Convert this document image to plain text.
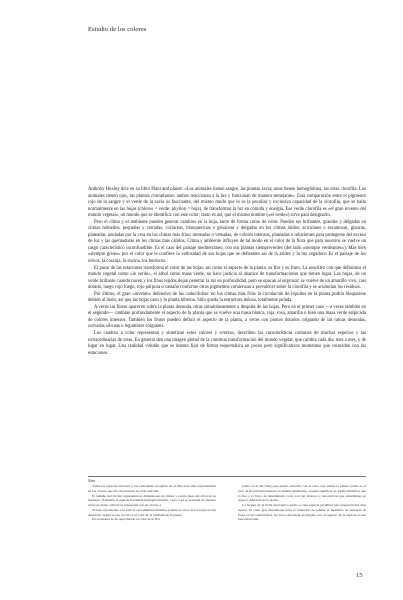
Estudio de los colores

Anthony Huxley dice en su libro Plant and planet: «Los animales tienen sangre, las plantas savia; unos tienen hemoglobina, las otras clorofila. Los animales tienen ojos, las plantas cloroplastos: ambos reaccionan a la luz y funcionan de manera semejante». Esta comparación entre el pigmento rojo de la sangre y el verde de la savia es fascinante, del mismo modo que lo es la peculiar y exclusiva capacidad de la clorofila, que se halla normalmente en las hojas (chloros = verde; phyllon = hoja), de transformar la luz en comida y energía. Ese verde clorofila es «el gran invento del mundo vegetal», un mundo que se identifica con este color; tanto es así, que el mismo nombre (»el verde«) sirve para designarlo.

Pero el clima y el ambiente pueden generar cambios en la hoja, tanto de forma como de color. Pueden ser brillantes, grandes y delgadas en climas húmedos; pequeñas y cerradas, coriáceas, blanquecinas o grisáceas y delgadas en los climas áridos; aciculares o escamosas, glaucas, plateadas, azuladas por la cera en los climas más fríos; moteadas o veteadas, de colores intensos, plateadas o relucientes para protegerse del exceso de luz y las quemaduras en los climas más cálidos. Clima y ambiente influyen de tal modo en el color de la flora que para nosotros se vuelve un rasgo característico inconfundible. Es el caso del paisaje mediterráneo, con sus plantas siempreverdes (del latín «siempre verdeantes»). Más bien «siempre grises» por el color que le confiere la vellosidad de sus hojas que se defienden así de la aridez y la luz cegadora. Es el paisaje de los olivos, la coscoja, la encina, los lentiscos.

El pasar de las estaciones transforma el color de las hojas, así como el aspecto de la planta, su flor y su fruto. La sencillez con que definimos el mundo vegetal como «lo verde», el árbol como masa verde, no hace justicia al abanico de transformaciones que tienen lugar. Las hojas, de un verde brillante cuando nacen y los finos tejidos dejan penetrar la luz en profundidad, pero se opacan al engrosar; se vuelve de un amarillo vivo, casi dorado, luego rojo fuego, rojo púrpura o castaño conforme otros pigmentos comienzan a prevalecer sobre la clorofila y se acumulan los residuos.

Por último, el gran «invento» defensivo de las caducifolias: en los climas más fríos la circulación de líquidos en la planta podría bloquearse debido al hielo, así que las hojas caen y la planta hiberna. Sólo queda la estructura leñosa, totalmente pelada.

A veces las flores aparecen sobre la planta desnuda, otras simultáneamente o después de las hojas. Pero en el primer caso —a veces también en el segundo— cambian profundamente el aspecto de la planta que se vuelve una masa blanca, roja, rosa, amarilla o bien una masa verde salpicada de colores intensos. También los frutos pueden definir el aspecto de la planta, a veces con pomos dorados colgando de las ramas desnudas, curvadas silicuas o legumbres colgantes.

Los cuadros a color representan y sintetizan estos valores y eventos, describen las características comunes de muchas especies y las extraordinarias de otras. En general dan una imagen global de la continua transformación del mundo vegetal, que cambia cada día, mes a mes, y de lugar en lugar. Una realidad voluble que se intenta fijar de forma esquemática en pocos pero significativos momentos que coinciden con las estaciones.

Nota

Todas las especies arbóreas y las variedades recogidas en el libro han sido representadas en los colores que las caracterizan en cada estación.

El tamaño del círculo representa las dimensiones en planta y escala (ejes del árbol en su madurez. (También la especie Escamela madagascariensis, cuya copa se presenta en abanico sobre un plano vertical se representa con un círculo.)

Se han reproducido con toda la verosimilitud máxima posible el color de las hojas en sus desarrollo según se vea a la luz y el color de la totalidad de la planta.

En ocasiones se ha reproducido el color de la flor

(tanto en el del fruto) que puede coincidir con el color que asume la planta (como es el caso de floraciones intensas en plantas desnudas), o puede significar de forma simbólica que la flor o el fruto de determinado color son tan vistosos y decorativos que determinan un aspecto diferente de la planta.

La lectura de la ficha descriptiva ajusta a cada especie permitirá una interpretación más exacta. El color gris únicamente tiene la intención de señalar el momento de ausencia de hojas en las caducifolias. No hace referencia en ningún caso al aspecto de la especie en ese fase estacional.

15
